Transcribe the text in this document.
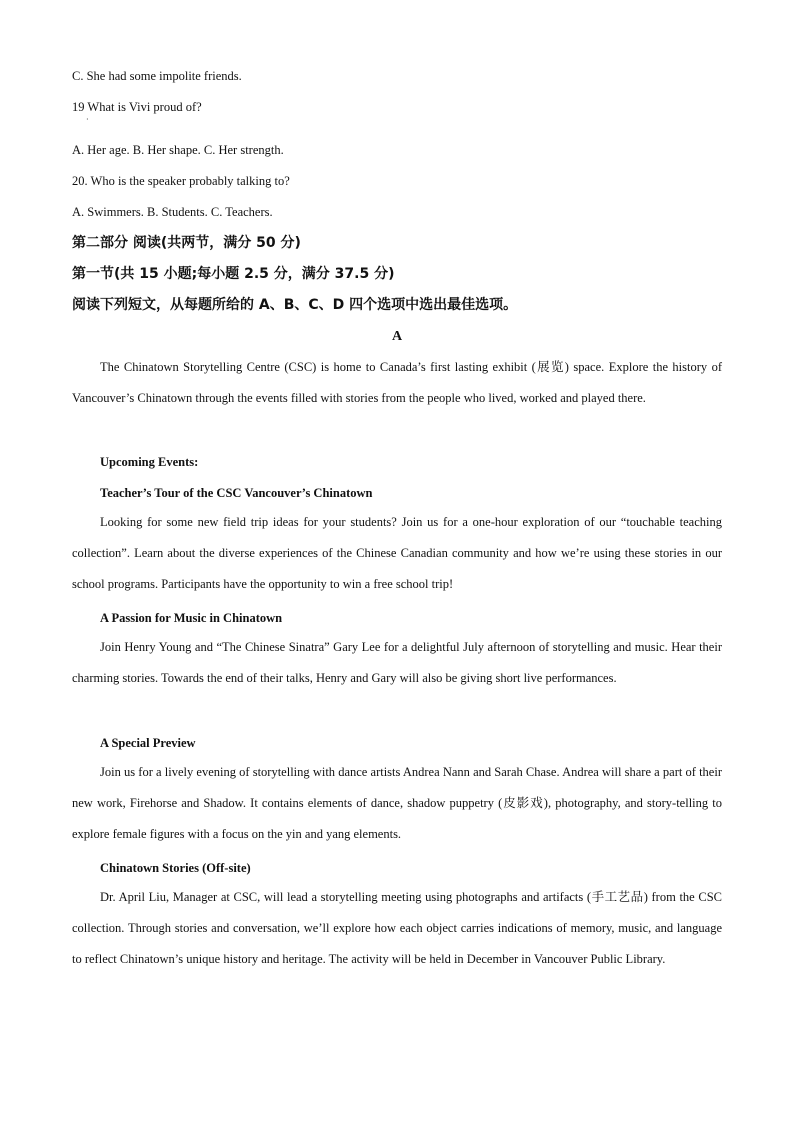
C. She had some impolite friends.
19 What is Vivi proud of?
·
A. Her age. B. Her shape. C. Her strength.
20. Who is the speaker probably talking to?
A. Swimmers. B. Students. C. Teachers.
第二部分 阅读(共两节，满分 50 分)
第一节(共 15 小题;每小题 2.5 分，满分 37.5 分)
阅读下列短文，从每题所给的 A、B、C、D 四个选项中选出最佳选项。
A
The Chinatown Storytelling Centre (CSC) is home to Canada’s first lasting exhibit (展览) space. Explore the history of Vancouver’s Chinatown through the events filled with stories from the people who lived, worked and played there.
Upcoming Events:
Teacher’s Tour of the CSC Vancouver’s Chinatown
Looking for some new field trip ideas for your students? Join us for a one-hour exploration of our “touchable teaching collection”. Learn about the diverse experiences of the Chinese Canadian community and how we’re using these stories in our school programs. Participants have the opportunity to win a free school trip!
A Passion for Music in Chinatown
Join Henry Young and “The Chinese Sinatra” Gary Lee for a delightful July afternoon of storytelling and music. Hear their charming stories. Towards the end of their talks, Henry and Gary will also be giving short live performances.
A Special Preview
Join us for a lively evening of storytelling with dance artists Andrea Nann and Sarah Chase. Andrea will share a part of their new work, Firehorse and Shadow. It contains elements of dance, shadow puppetry (皮影戏), photography, and story-telling to explore female figures with a focus on the yin and yang elements.
Chinatown Stories (Off-site)
Dr. April Liu, Manager at CSC, will lead a storytelling meeting using photographs and artifacts (手工艺品) from the CSC collection. Through stories and conversation, we’ll explore how each object carries indications of memory, music, and language to reflect Chinatown’s unique history and heritage. The activity will be held in December in Vancouver Public Library.
